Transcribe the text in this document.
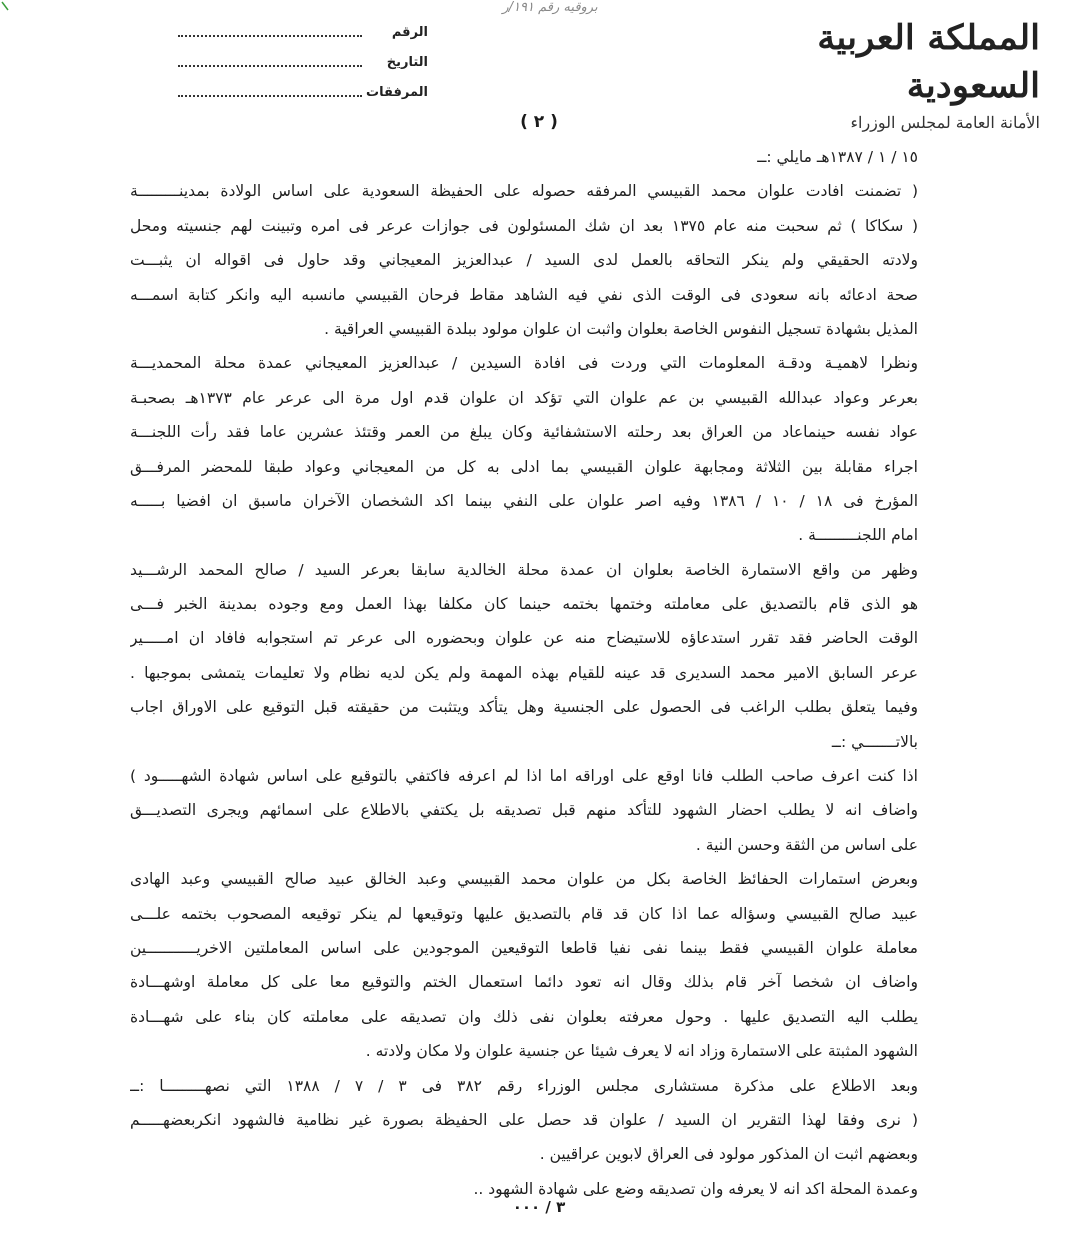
بروقيه رقم ١٩١/ر
المملكة العربية السعودية
الأمانة العامة لمجلس الوزراء
الرقم
التاريخ
المرفقات
( ٢ )
١٥ / ١ / ١٣٨٧هـ مايلي :ــ
( تضمنت افادت علوان محمد القبيسي المرفقه حصوله على الحفيظة السعودية على اساس الولادة بمدينـــــــــة
( سكاكا ) ثم سحبت منه عام ١٣٧٥ بعد ان شك المسئولون فى جوازات عرعر فى امره وتبينت لهم جنسيته ومحل
ولادته الحقيقي ولم ينكر التحاقه بالعمل لدى السيد / عبدالعزيز المعيجاني وقد حاول فى اقواله ان يثبـــت
صحة ادعائه بانه سعودى فى الوقت الذى نفي فيه الشاهد مقاط فرحان القبيسي مانسبه اليه وانكر كتابة اسمـــه
المذيل بشهادة تسجيل النفوس الخاصة بعلوان واثبت ان علوان مولود ببلدة القبيسي العراقية .
ونظرا لاهميـة ودقـة المعلومات التي وردت فى افادة السيدين / عبدالعزيز المعيجاني عمدة محلة المحمديـــة
بعرعر وعواد عبدالله القبيسي بن عم علوان التي تؤكد ان علوان قدم اول مرة الى عرعر عام ١٣٧٣هـ بصحبـة
عواد نفسه حينماعاد من العراق بعد رحلته الاستشفائية وكان يبلغ من العمر وقتئذ عشرين عاما فقد رأت اللجنـــة
اجراء مقابلة بين الثلاثة ومجابهة علوان القبيسي بما ادلى به كل من المعيجاني وعواد طبقا للمحضر المرفـــق
المؤرخ فى ١٨ / ١٠ / ١٣٨٦ وفيه اصر علوان على النفي بينما اكد الشخصان الآخران ماسبق ان افضيا بـــــه
امام اللجنـــــــــة .
وظهر من واقع الاستمارة الخاصة بعلوان ان عمدة محلة الخالدية سابقا بعرعر السيد / صالح المحمد الرشـــيد
هو الذى قام بالتصديق على معاملته وختمها بختمه حينما كان مكلفا بهذا العمل ومع وجوده بمدينة الخبر فـــى
الوقت الحاضر فقد تقرر استدعاؤه للاستيضاح منه عن علوان وبحضوره الى عرعر تم استجوابه فافاد ان امـــــير
عرعر السابق الامير محمد السديرى قد عينه للقيام بهذه المهمة ولم يكن لديه نظام ولا تعليمات يتمشى بموجبها .
وفيما يتعلق بطلب الراغب فى الحصول على الجنسية وهل يتأكد ويتثبت من حقيقته قبل التوقيع على الاوراق اجاب
بالاتـــــــي :ــ
اذا كنت اعرف صاحب الطلب فانا اوقع على اوراقه اما اذا لم اعرفه فاكتفي بالتوقيع على اساس شهادة الشهـــــود )
واضاف انه لا يطلب احضار الشهود للتأكد منهم قبل تصديقه بل يكتفي بالاطلاع على اسمائهم ويجرى التصديـــق
على اساس من الثقة وحسن النية .
وبعرض استمارات الحفائظ الخاصة بكل من علوان محمد القبيسي وعبد الخالق عبيد صالح القبيسي وعبد الهادى
عبيد صالح القبيسي وسؤاله عما اذا كان قد قام بالتصديق عليها وتوقيعها لم ينكر توقيعه المصحوب بختمه علـــى
معاملة علوان القبيسي فقط بينما نفى نفيا قاطعا التوقيعين الموجودين على اساس المعاملتين الاخريـــــــــــين
واضاف ان شخصا آخر قام بذلك وقال انه تعود دائما استعمال الختم والتوقيع معا على كل معاملة اوشهـــادة
يطلب اليه التصديق عليها . وحول معرفته بعلوان نفى ذلك وان تصديقه على معاملته كان بناء على شهـــادة
الشهود المثبتة على الاستمارة وزاد انه لا يعرف شيئا عن جنسية علوان ولا مكان ولادته .
وبعد الاطلاع على مذكرة مستشارى مجلس الوزراء رقم ٣٨٢ فى ٣ / ٧ / ١٣٨٨ التي نصهـــــــــا :ــ
( نرى وفقا لهذا التقرير ان السيد / علوان قد حصل على الحفيظة بصورة غير نظامية فالشهود انكربعضهـــــم
وبعضهم اثبت ان المذكور مولود فى العراق لابوين عراقيين .
وعمدة المحلة اكد انه لا يعرفه وان تصديقه وضع على شهادة الشهود ..
٣ / ٠٠٠
